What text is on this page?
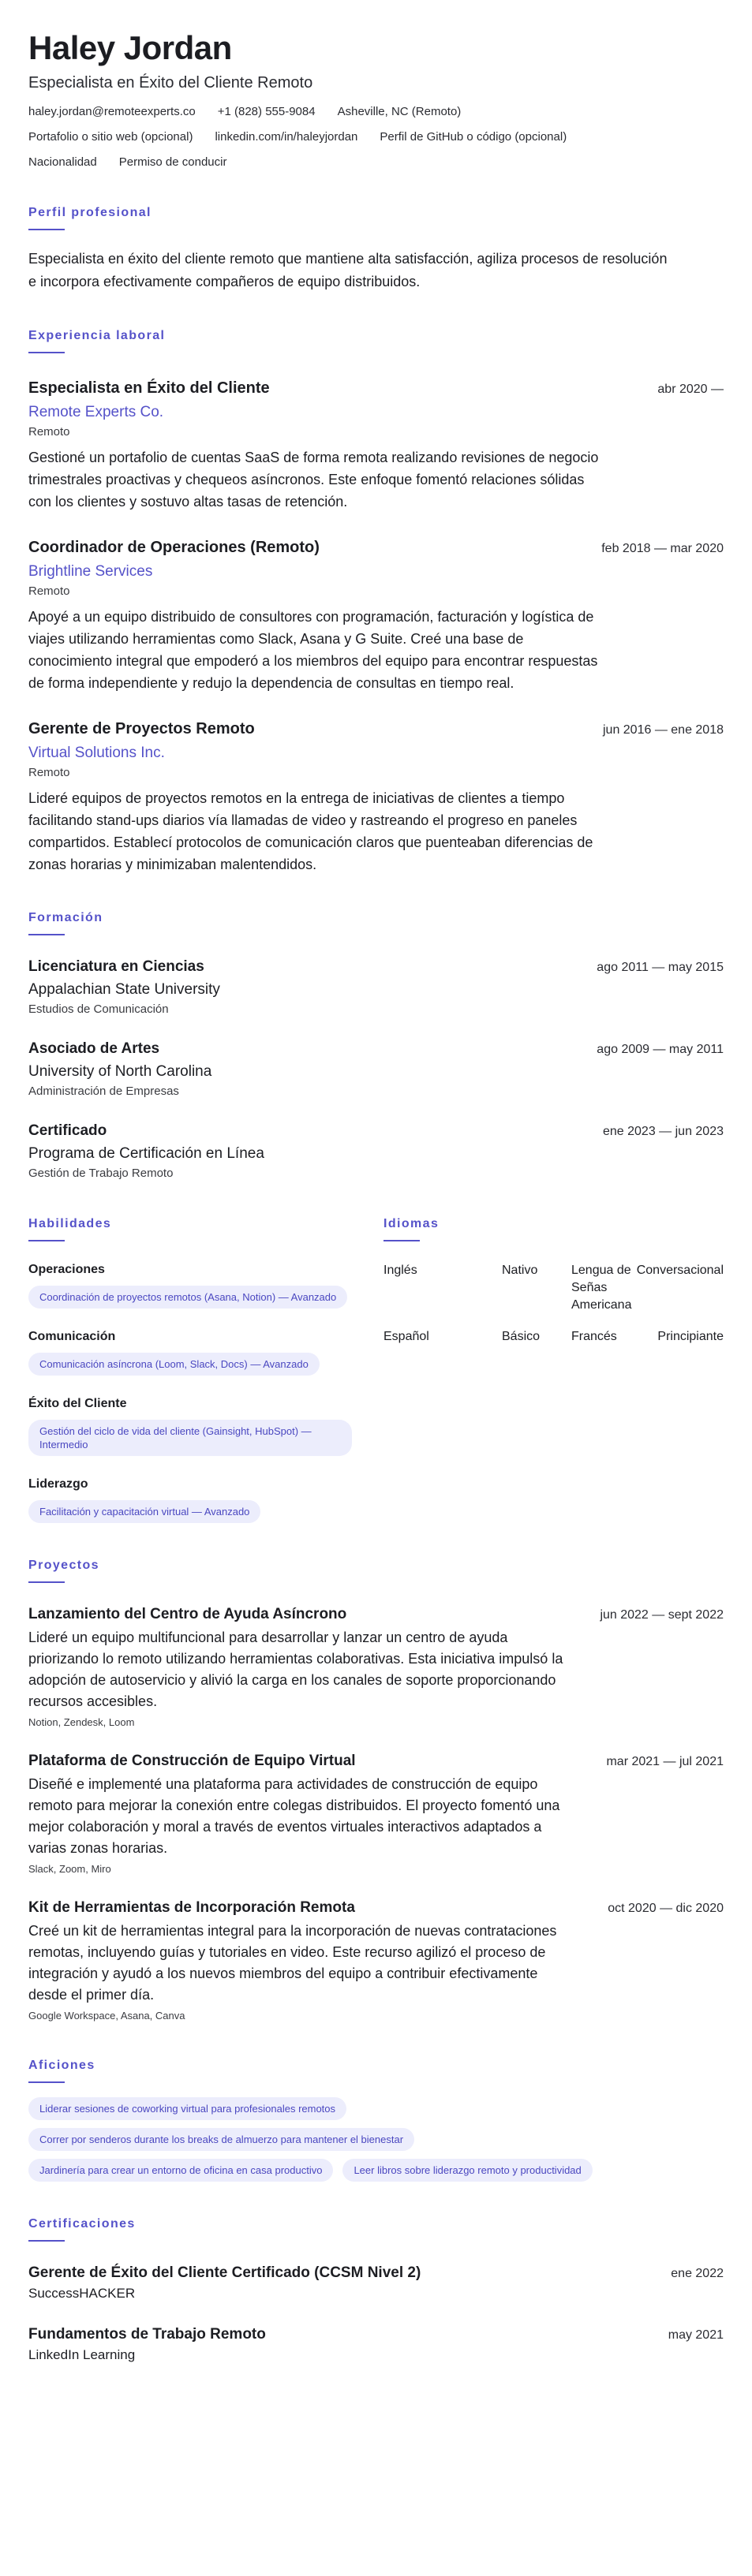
Haley Jordan
Especialista en Éxito del Cliente Remoto
haley.jordan@remoteexperts.co +1 (828) 555-9084 Asheville, NC (Remoto)
Portafolio o sitio web (opcional) linkedin.com/in/haleyjordan Perfil de GitHub o código (opcional)
Nacionalidad Permiso de conducir
Perfil profesional

Especialista en éxito del cliente remoto que mantiene alta satisfacción, agiliza procesos de resolución e incorpora efectivamente compañeros de equipo distribuidos.

Experiencia laboral
Especialista en Éxito del Cliente	abr 2020 —
Remote Experts Co.
Remoto

Gestioné un portafolio de cuentas SaaS de forma remota realizando revisiones de negocio trimestrales proactivas y chequeos asíncronos. Este enfoque fomentó relaciones sólidas con los clientes y sostuvo altas tasas de retención.

Coordinador de Operaciones (Remoto)	feb 2018 — mar 2020
Brightline Services
Remoto

Apoyé a un equipo distribuido de consultores con programación, facturación y logística de viajes utilizando herramientas como Slack, Asana y G Suite. Creé una base de conocimiento integral que empoderó a los miembros del equipo para encontrar respuestas de forma independiente y redujo la dependencia de consultas en tiempo real.

Gerente de Proyectos Remoto	jun 2016 — ene 2018
Virtual Solutions Inc.
Remoto

Lideré equipos de proyectos remotos en la entrega de iniciativas de clientes a tiempo facilitando stand-ups diarios vía llamadas de video y rastreando el progreso en paneles compartidos. Establecí protocolos de comunicación claros que puenteaban diferencias de zonas horarias y minimizaban malentendidos.

Formación
Licenciatura en Ciencias	ago 2011 — may 2015
Appalachian State University
Estudios de Comunicación
Asociado de Artes	ago 2009 — may 2011
University of North Carolina
Administración de Empresas
Certificado	ene 2023 — jun 2023
Programa de Certificación en Línea
Gestión de Trabajo Remoto
Habilidades
Operaciones
Coordinación de proyectos remotos (Asana, Notion) — Avanzado
Comunicación
Comunicación asíncrona (Loom, Slack, Docs) — Avanzado
Éxito del Cliente
Gestión del ciclo de vida del cliente (Gainsight, HubSpot) — Intermedio
Liderazgo
Facilitación y capacitación virtual — Avanzado
Idiomas
Inglés	Nativo	Lengua de Señas Americana	Conversacional
Español	Básico	Francés	Principiante
Proyectos
Lanzamiento del Centro de Ayuda Asíncrono	jun 2022 — sept 2022

Lideré un equipo multifuncional para desarrollar y lanzar un centro de ayuda priorizando lo remoto utilizando herramientas colaborativas. Esta iniciativa impulsó la adopción de autoservicio y alivió la carga en los canales de soporte proporcionando recursos accesibles.

Notion, Zendesk, Loom
Plataforma de Construcción de Equipo Virtual	mar 2021 — jul 2021

Diseñé e implementé una plataforma para actividades de construcción de equipo remoto para mejorar la conexión entre colegas distribuidos. El proyecto fomentó una mejor colaboración y moral a través de eventos virtuales interactivos adaptados a varias zonas horarias.

Slack, Zoom, Miro
Kit de Herramientas de Incorporación Remota	oct 2020 — dic 2020

Creé un kit de herramientas integral para la incorporación de nuevas contrataciones remotas, incluyendo guías y tutoriales en video. Este recurso agilizó el proceso de integración y ayudó a los nuevos miembros del equipo a contribuir efectivamente desde el primer día.

Google Workspace, Asana, Canva
Aficiones
Liderar sesiones de coworking virtual para profesionales remotos
Correr por senderos durante los breaks de almuerzo para mantener el bienestar
Jardinería para crear un entorno de oficina en casa productivo	Leer libros sobre liderazgo remoto y productividad
Certificaciones
Gerente de Éxito del Cliente Certificado (CCSM Nivel 2)	ene 2022
SuccessHACKER
Fundamentos de Trabajo Remoto	may 2021
LinkedIn Learning
